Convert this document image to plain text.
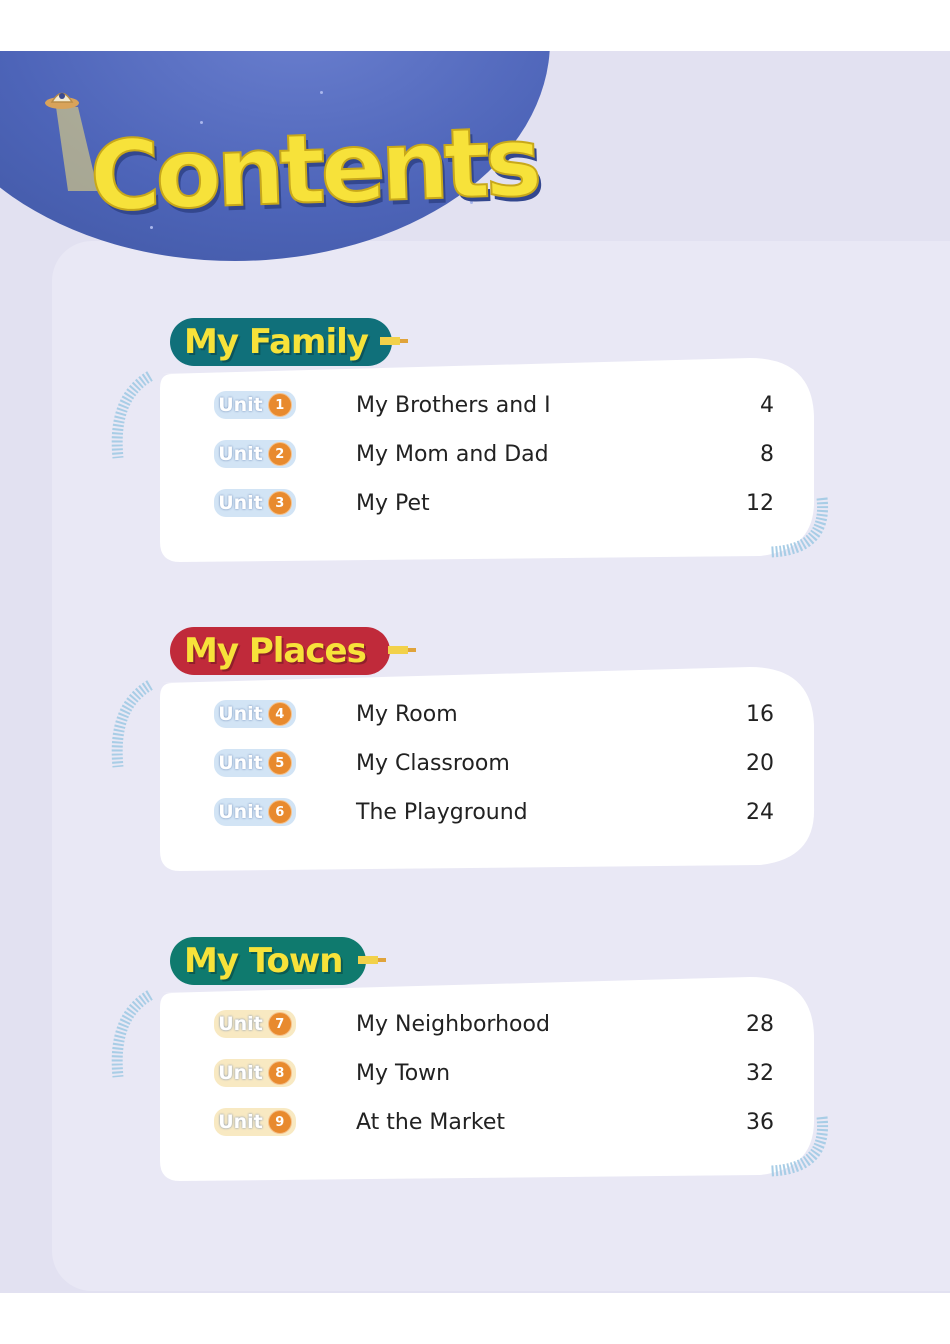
Contents
My Family
Unit 1	My Brothers and I	4
Unit 2	My Mom and Dad	8
Unit 3	My Pet	12
My Places
Unit 4	My Room	16
Unit 5	My Classroom	20
Unit 6	The Playground	24
My Town
Unit 7	My Neighborhood	28
Unit 8	My Town	32
Unit 9	At the Market	36
